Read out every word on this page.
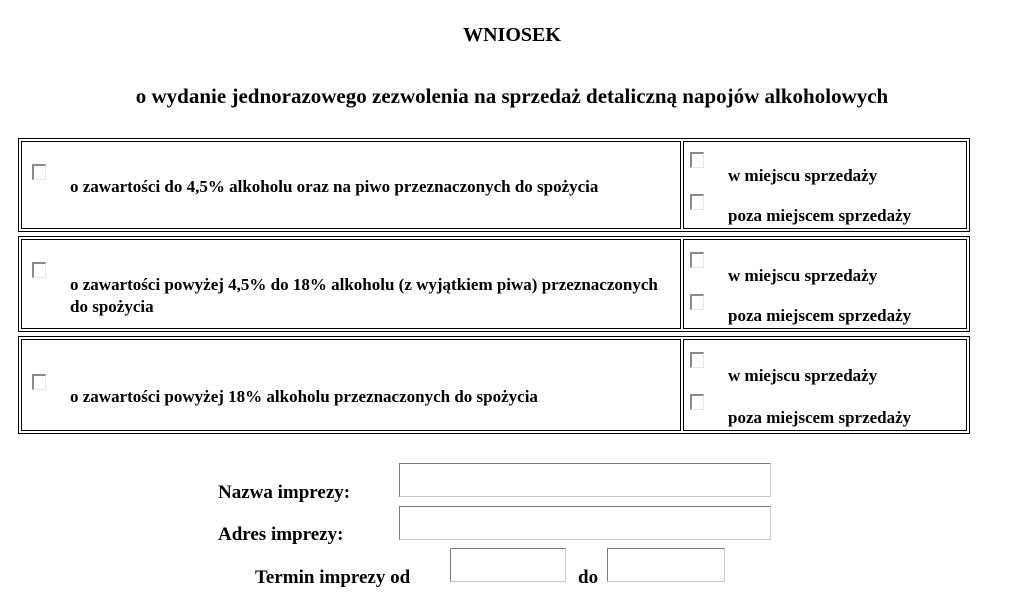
WNIOSEK
o wydanie jednorazowego zezwolenia na sprzedaż detaliczną napojów alkoholowych
o zawartości do 4,5% alkoholu oraz na piwo przeznaczonych do spożycia
w miejscu sprzedaży
poza miejscem sprzedaży
o zawartości powyżej 4,5% do 18% alkoholu (z wyjątkiem piwa) przeznaczonych do spożycia
w miejscu sprzedaży
poza miejscem sprzedaży
o zawartości powyżej 18% alkoholu przeznaczonych do spożycia
w miejscu sprzedaży
poza miejscem sprzedaży
Nazwa imprezy:
Adres imprezy:
Termin imprezy od	do
